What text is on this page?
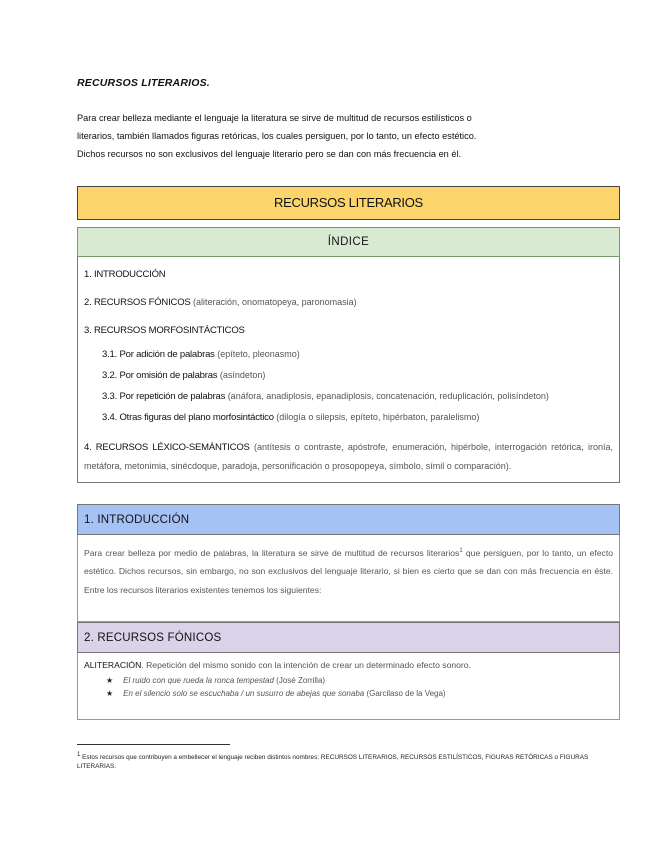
RECURSOS LITERARIOS.

Para crear belleza mediante el lenguaje la literatura se sirve de multitud de recursos estilísticos o

literarios, también llamados figuras retóricas, los cuales persiguen, por lo tanto, un efecto estético.

Dichos recursos no son exclusivos del lenguaje literario pero se dan con más frecuencia en él.

RECURSOS LITERARIOS
ÍNDICE

1. INTRODUCCIÓN

2. RECURSOS FÓNICOS (aliteración, onomatopeya, paronomasia)

3. RECURSOS MORFOSINTÁCTICOS

3.1. Por adición de palabras (epíteto, pleonasmo)

3.2. Por omisión de palabras (asíndeton)

3.3. Por repetición de palabras (anáfora, anadiplosis, epanadiplosis, concatenación, reduplicación, polisíndeton)

3.4. Otras figuras del plano morfosintáctico (dilogía o silepsis, epíteto, hipérbaton, paralelismo)

4. RECURSOS LÉXICO-SEMÁNTICOS (antítesis o contraste, apóstrofe, enumeración, hipérbole, interrogación retórica, ironía, metáfora, metonimia, sinécdoque, paradoja, personificación o prosopopeya, símbolo, símil o comparación).

1. INTRODUCCIÓN
Para crear belleza por medio de palabras, la literatura se sirve de multitud de recursos literarios$^1$ que persiguen, por lo tanto, un efecto estético. Dichos recursos, sin embargo, no son exclusivos del lenguaje literario, si bien es cierto que se dan con más frecuencia en éste. Entre los recursos literarios existentes tenemos los siguientes:
2. RECURSOS FÓNICOS

ALITERACIÓN. Repetición del mismo sonido con la intención de crear un determinado efecto sonoro.

★ El ruido con que rueda la ronca tempestad (José Zorrilla)

★ En el silencio solo se escuchaba / un susurro de abejas que sonaba (Garcilaso de la Vega)

$^1$ Estos recursos que contribuyen a embellecer el lenguaje reciben distintos nombres: RECURSOS LITERARIOS, RECURSOS ESTILÍSTICOS, FIGURAS RETÓRICAS o FIGURAS LITERARIAS.
